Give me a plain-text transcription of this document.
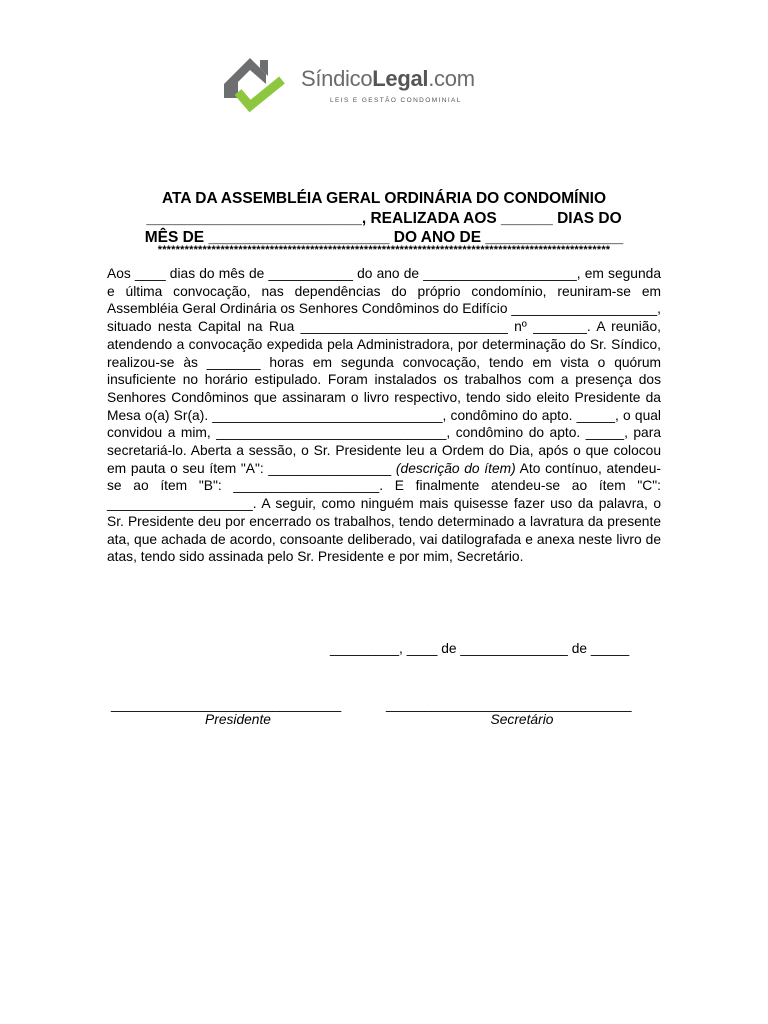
SíndicoLegal.com
LEIS E GESTÃO CONDOMINIAL
ATA DA ASSEMBLÉIA GERAL ORDINÁRIA DO CONDOMÍNIO
_________________________, REALIZADA AOS ______ DIAS DO
MÊS DE _____________________ DO ANO DE ________________
*****************************************************************************************************
Aos ____ dias do mês de ___________ do ano de ____________________, em segunda e última convocação, nas dependências do próprio condomínio, reuniram-se em Assembléia Geral Ordinária os Senhores Condôminos do Edifício ___________________, situado nesta Capital na Rua ___________________________ nº _______. A reunião, atendendo a convocação expedida pela Administradora, por determinação do Sr. Síndico, realizou-se às _______ horas em segunda convocação, tendo em vista o quórum insuficiente no horário estipulado. Foram instalados os trabalhos com a presença dos Senhores Condôminos que assinaram o livro respectivo, tendo sido eleito Presidente da Mesa o(a) Sr(a). ______________________________, condômino do apto. _____, o qual convidou a mim, ______________________________, condômino do apto. _____, para secretariá-lo. Aberta a sessão, o Sr. Presidente leu a Ordem do Dia, após o que colocou em pauta o seu ítem "A": ________________ (descrição do ítem) Ato contínuo, atendeu-se ao ítem "B": ___________________. E finalmente atendeu-se ao ítem "C": ___________________. A seguir, como ninguém mais quisesse fazer uso da palavra, o Sr. Presidente deu por encerrado os trabalhos, tendo determinado a lavratura da presente ata, que achada de acordo, consoante deliberado, vai datilografada e anexa neste livro de atas, tendo sido assinada pelo Sr. Presidente e por mim, Secretário.
_________, ____ de ______________ de _____
______________________________
Presidente
________________________________
Secretário
